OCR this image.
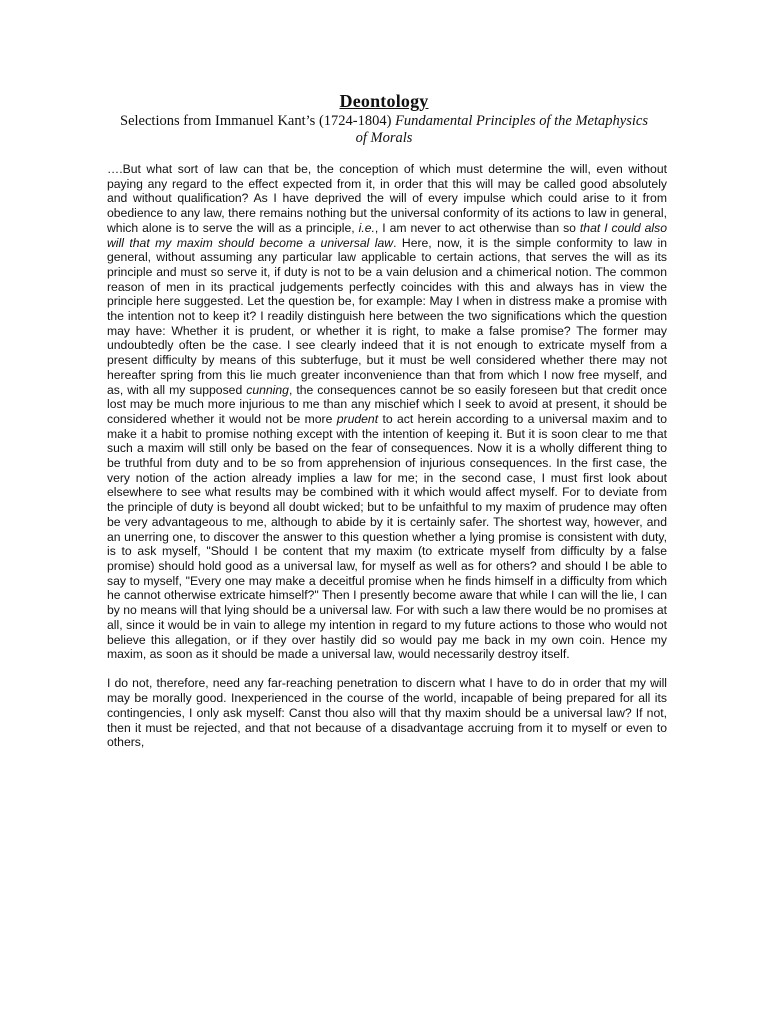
Deontology
Selections from Immanuel Kant’s (1724-1804) Fundamental Principles of the Metaphysics of Morals

….But what sort of law can that be, the conception of which must determine the will, even without paying any regard to the effect expected from it, in order that this will may be called good absolutely and without qualification? As I have deprived the will of every impulse which could arise to it from obedience to any law, there remains nothing but the universal conformity of its actions to law in general, which alone is to serve the will as a principle, i.e., I am never to act otherwise than so that I could also will that my maxim should become a universal law. Here, now, it is the simple conformity to law in general, without assuming any particular law applicable to certain actions, that serves the will as its principle and must so serve it, if duty is not to be a vain delusion and a chimerical notion. The common reason of men in its practical judgements perfectly coincides with this and always has in view the principle here suggested. Let the question be, for example: May I when in distress make a promise with the intention not to keep it? I readily distinguish here between the two significations which the question may have: Whether it is prudent, or whether it is right, to make a false promise? The former may undoubtedly often be the case. I see clearly indeed that it is not enough to extricate myself from a present difficulty by means of this subterfuge, but it must be well considered whether there may not hereafter spring from this lie much greater inconvenience than that from which I now free myself, and as, with all my supposed cunning, the consequences cannot be so easily foreseen but that credit once lost may be much more injurious to me than any mischief which I seek to avoid at present, it should be considered whether it would not be more prudent to act herein according to a universal maxim and to make it a habit to promise nothing except with the intention of keeping it. But it is soon clear to me that such a maxim will still only be based on the fear of consequences. Now it is a wholly different thing to be truthful from duty and to be so from apprehension of injurious consequences. In the first case, the very notion of the action already implies a law for me; in the second case, I must first look about elsewhere to see what results may be combined with it which would affect myself. For to deviate from the principle of duty is beyond all doubt wicked; but to be unfaithful to my maxim of prudence may often be very advantageous to me, although to abide by it is certainly safer. The shortest way, however, and an unerring one, to discover the answer to this question whether a lying promise is consistent with duty, is to ask myself, "Should I be content that my maxim (to extricate myself from difficulty by a false promise) should hold good as a universal law, for myself as well as for others? and should I be able to say to myself, "Every one may make a deceitful promise when he finds himself in a difficulty from which he cannot otherwise extricate himself?" Then I presently become aware that while I can will the lie, I can by no means will that lying should be a universal law. For with such a law there would be no promises at all, since it would be in vain to allege my intention in regard to my future actions to those who would not believe this allegation, or if they over hastily did so would pay me back in my own coin. Hence my maxim, as soon as it should be made a universal law, would necessarily destroy itself.

I do not, therefore, need any far-reaching penetration to discern what I have to do in order that my will may be morally good. Inexperienced in the course of the world, incapable of being prepared for all its contingencies, I only ask myself: Canst thou also will that thy maxim should be a universal law? If not, then it must be rejected, and that not because of a disadvantage accruing from it to myself or even to others,
